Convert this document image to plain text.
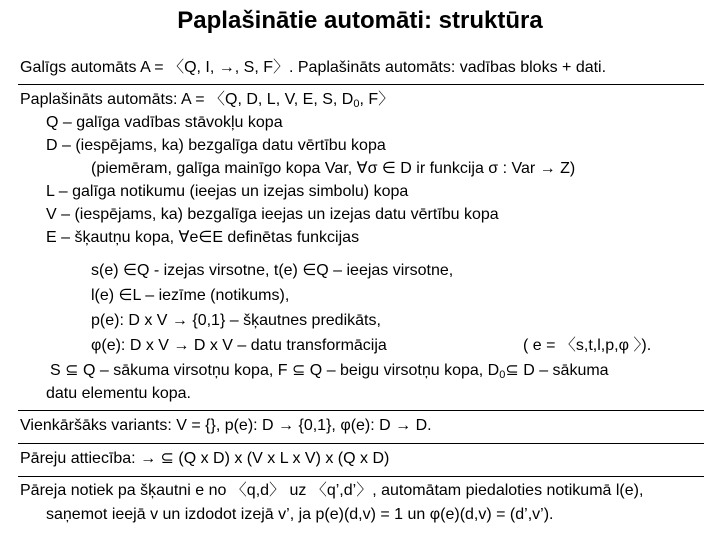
Paplašinātie automāti: struktūra
Galīgs automāts A = 〈Q, I, →, S, F〉. Paplašināts automāts: vadības bloks + dati.
Paplašināts automāts: A = 〈Q, D, L, V, E, S, $D_0$, F〉
Q – galīga vadības stāvokļu kopa
D – (iespējams, ka) bezgalīga datu vērtību kopa
(piemēram, galīga mainīgo kopa Var, ∀σ ∈ D ir funkcija σ : Var → Z)
L – galīga notikumu (ieejas un izejas simbolu) kopa
V – (iespējams, ka) bezgalīga ieejas un izejas datu vērtību kopa
E – šķautņu kopa, ∀e∈E definētas funkcijas
s(e) ∈Q - izejas virsotne, t(e) ∈Q – ieejas virsotne,
l(e) ∈L – iezīme (notikums),
p(e): D x V → {0,1} – šķautnes predikāts,
φ(e): D x V → D x V – datu transformācija	( e = 〈s,t,l,p,φ 〉).
S ⊆ Q – sākuma virsotņu kopa, F ⊆ Q – beigu virsotņu kopa, $D_0⊆$ D – sākuma
datu elementu kopa.
Vienkāršāks variants: V = {}, p(e): D → {0,1}, φ(e): D → D.
Pāreju attiecība: → ⊆ (Q x D) x (V x L x V) x (Q x D)
Pāreja notiek pa šķautni e no 〈q,d〉 uz 〈q’,d’〉, automātam piedaloties notikumā l(e),
saņemot ieejā v un izdodot izejā v’, ja p(e)(d,v) = 1 un φ(e)(d,v) = (d’,v’).
